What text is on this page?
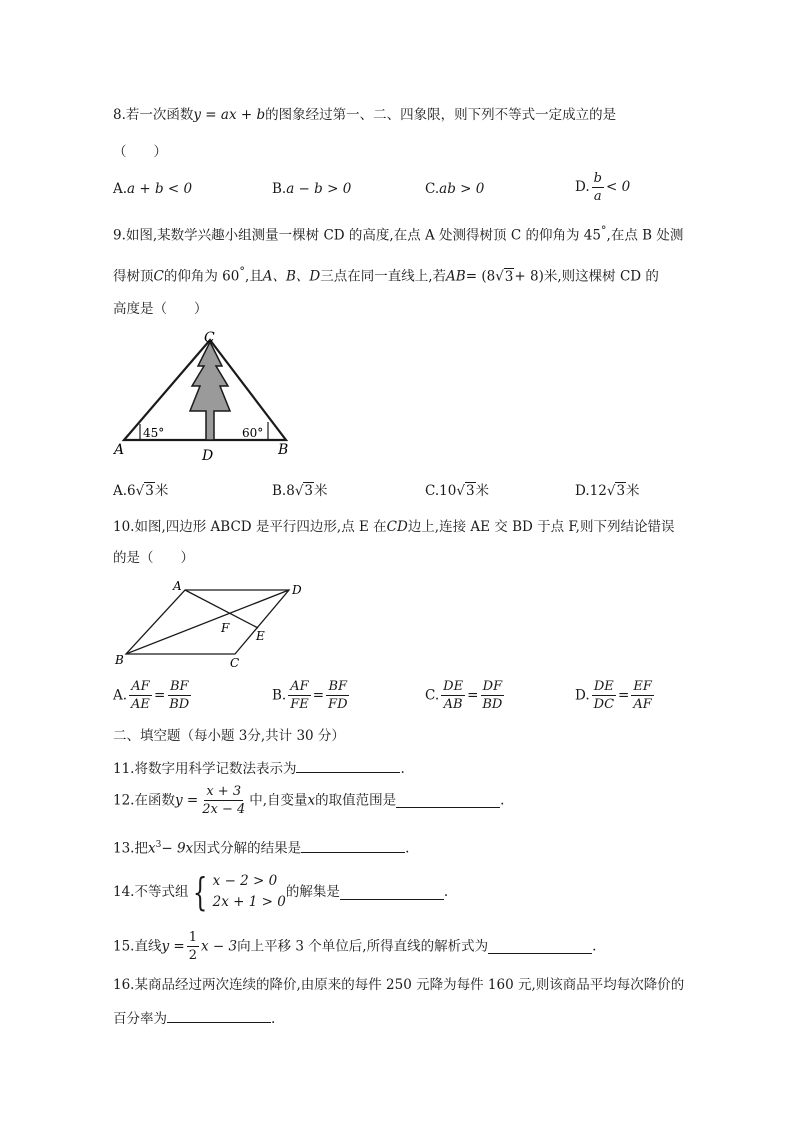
8.若一次函数y = ax + b的图象经过第一、二、四象限，则下列不等式一定成立的是
（　　）
A.a + b < 0	B.a − b > 0	C.ab > 0	D. $\frac{b}{a} < 0$
9.如图,某数学兴趣小组测量一棵树 CD 的高度,在点 A 处测得树顶 C 的仰角为 45°,在点 B 处测
得树顶C的仰角为 60°,且A、B、D三点在同一直线上,若AB= (8√3+ 8)米,则这棵树 CD 的
高度是（　　）
C
A	B
D
45°	60°
A.6√3米	B.8√3米	C.10√3米	D.12√3米
10.如图,四边形 ABCD 是平行四边形,点 E 在CD边上,连接 AE 交 BD 于点 F,则下列结论错误
的是（　　）
A	D
B	C
E
F
A. $\frac{AF}{AE} = \frac{BF}{BD}$	B. $\frac{AF}{FE} = \frac{BF}{FD}$	C. $\frac{DE}{AB} = \frac{DF}{BD}$	D. $\frac{DE}{DC} = \frac{EF}{AF}$
二、填空题（每小题 3分,共计 30 分）
11.将数字用科学记数法表示为	.
12.在函数$y = \frac{x + 3}{2x - 4}$ 中,自变量x的取值范围是	.
13.把$x^3- 9x$因式分解的结果是	.
14.不等式组 { x − 2 > 0
2x + 1 > 0
的解集是	.
15.直线$y = \frac{1}{2}$ x − 3向上平移 3 个单位后,所得直线的解析式为	.
16.某商品经过两次连续的降价,由原来的每件 250 元降为每件 160 元,则该商品平均每次降价的
百分率为	.
